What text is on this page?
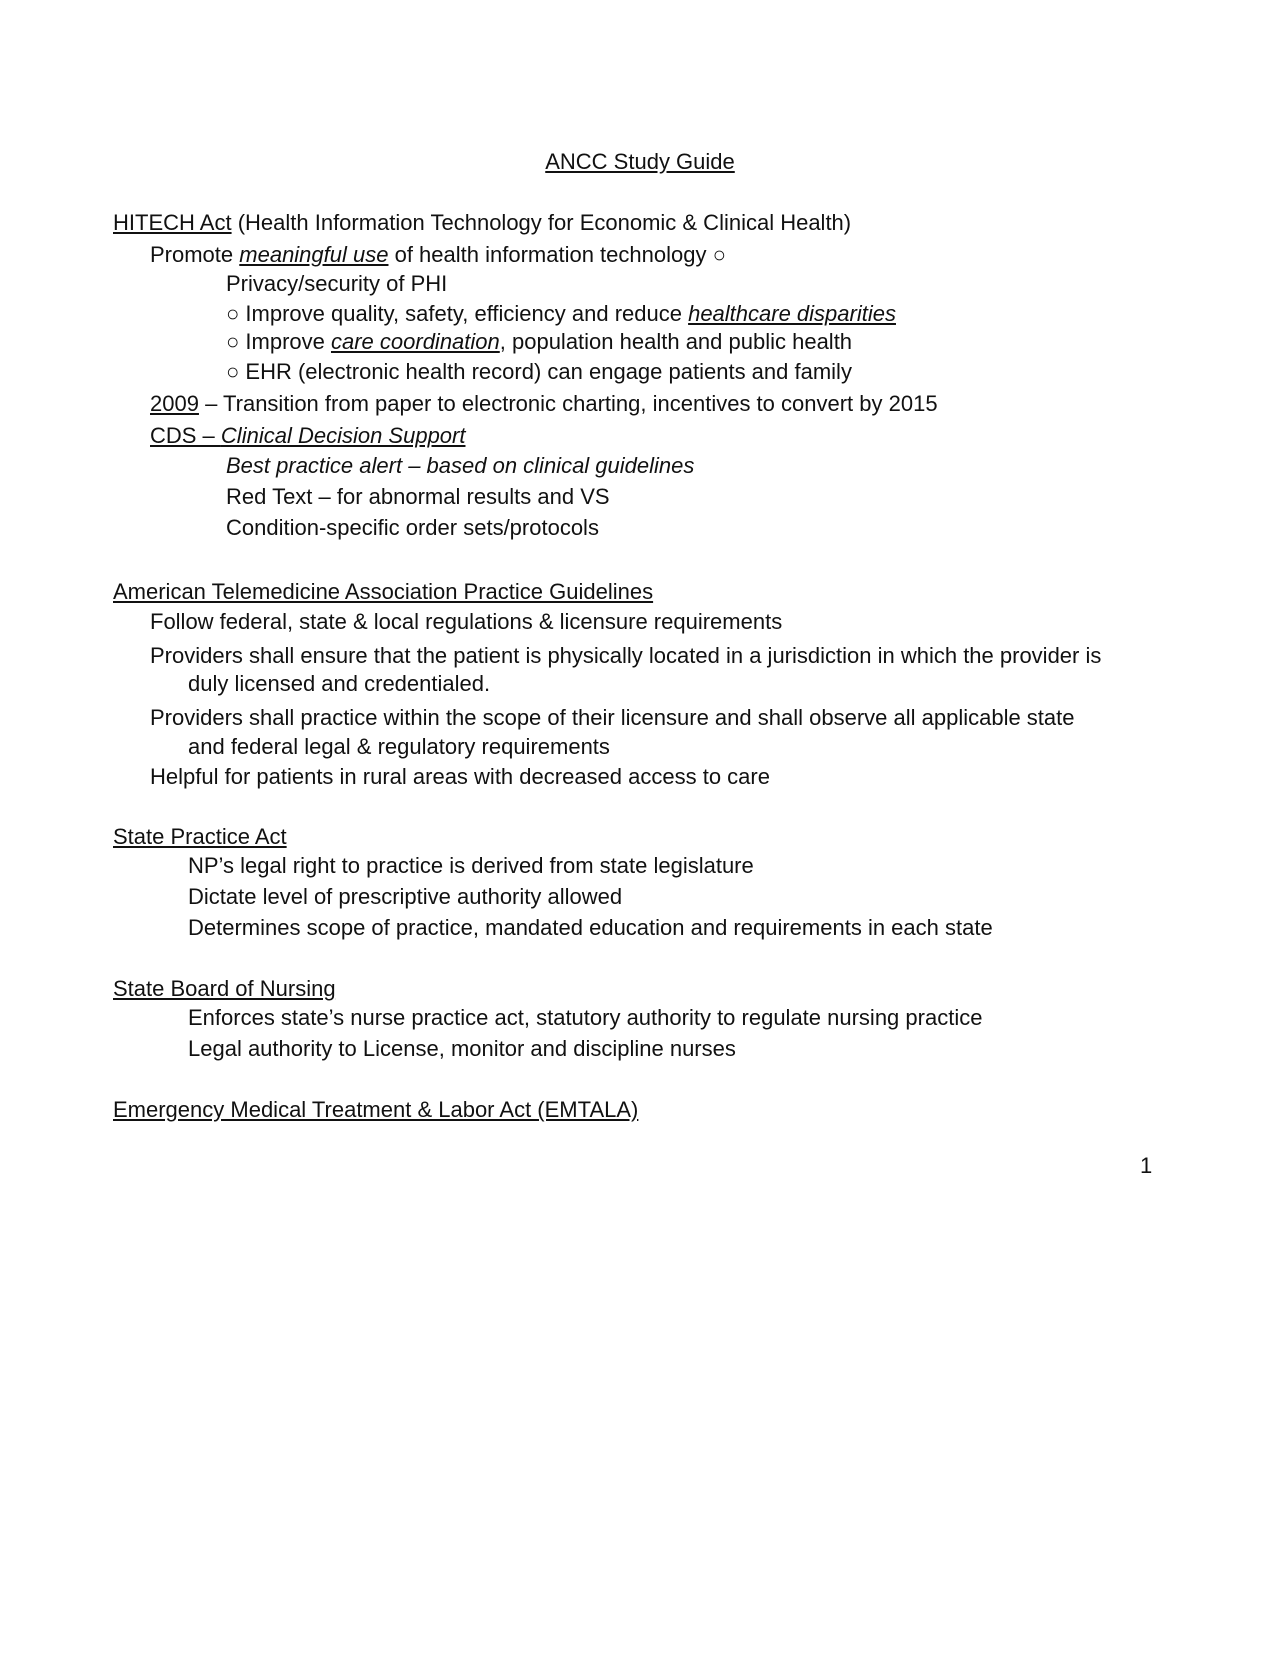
ANCC Study Guide
HITECH Act (Health Information Technology for Economic & Clinical Health)
Promote meaningful use of health information technology ○
Privacy/security of PHI
○ Improve quality, safety, efficiency and reduce healthcare disparities
○ Improve care coordination, population health and public health
○ EHR (electronic health record) can engage patients and family
2009 – Transition from paper to electronic charting, incentives to convert by 2015
CDS – Clinical Decision Support
Best practice alert – based on clinical guidelines
Red Text – for abnormal results and VS
Condition-specific order sets/protocols
American Telemedicine Association Practice Guidelines
Follow federal, state & local regulations & licensure requirements
Providers shall ensure that the patient is physically located in a jurisdiction in which the provider is
duly licensed and credentialed.
Providers shall practice within the scope of their licensure and shall observe all applicable state
and federal legal & regulatory requirements
Helpful for patients in rural areas with decreased access to care
State Practice Act
NP’s legal right to practice is derived from state legislature
Dictate level of prescriptive authority allowed
Determines scope of practice, mandated education and requirements in each state
State Board of Nursing
Enforces state’s nurse practice act, statutory authority to regulate nursing practice
Legal authority to License, monitor and discipline nurses
Emergency Medical Treatment & Labor Act (EMTALA)
1
